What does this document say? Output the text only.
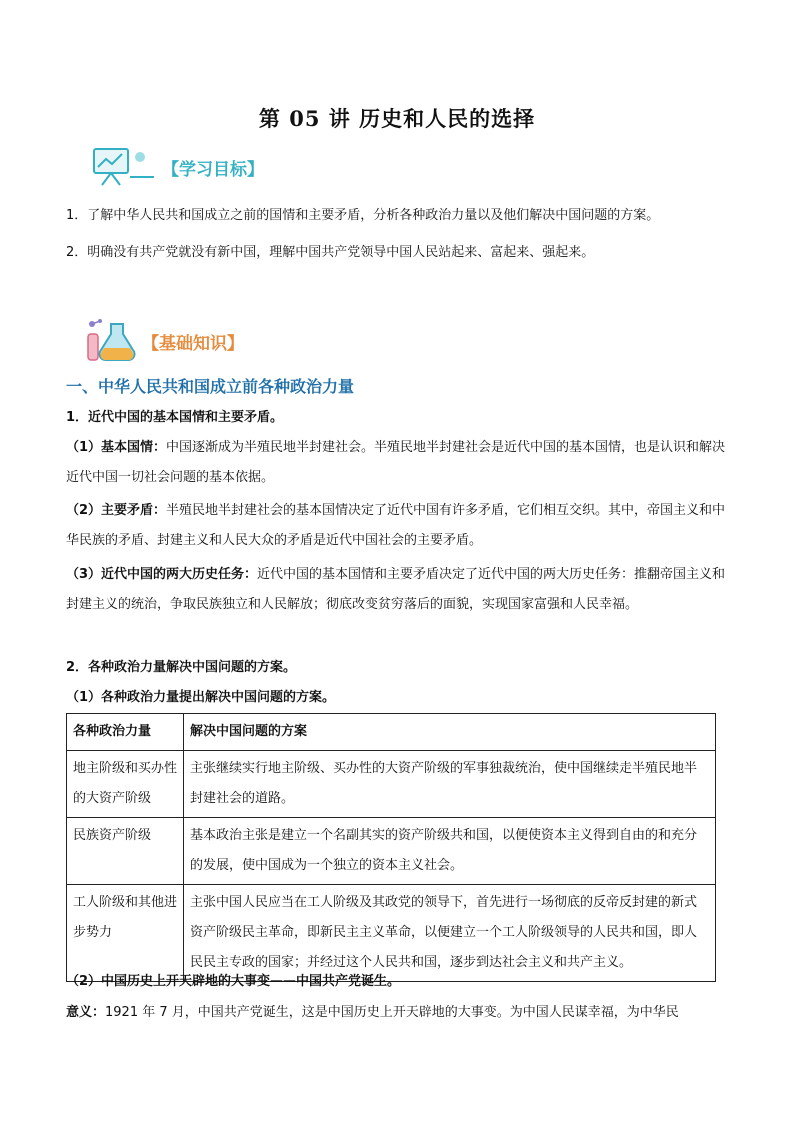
第 05 讲 历史和人民的选择
【学习目标】
1．了解中华人民共和国成立之前的国情和主要矛盾，分析各种政治力量以及他们解决中国问题的方案。
2．明确没有共产党就没有新中国，理解中国共产党领导中国人民站起来、富起来、强起来。
【基础知识】
一、中华人民共和国成立前各种政治力量
1．近代中国的基本国情和主要矛盾。
（1）基本国情：中国逐渐成为半殖民地半封建社会。半殖民地半封建社会是近代中国的基本国情，也是认识和解决近代中国一切社会问题的基本依据。
（2）主要矛盾：半殖民地半封建社会的基本国情决定了近代中国有许多矛盾，它们相互交织。其中，帝国主义和中华民族的矛盾、封建主义和人民大众的矛盾是近代中国社会的主要矛盾。
（3）近代中国的两大历史任务：近代中国的基本国情和主要矛盾决定了近代中国的两大历史任务：推翻帝国主义和封建主义的统治，争取民族独立和人民解放；彻底改变贫穷落后的面貌，实现国家富强和人民幸福。
2．各种政治力量解决中国问题的方案。
（1）各种政治力量提出解决中国问题的方案。
各种政治力量	解决中国问题的方案
地主阶级和买办性的大资产阶级	主张继续实行地主阶级、买办性的大资产阶级的军事独裁统治，使中国继续走半殖民地半封建社会的道路。
民族资产阶级	基本政治主张是建立一个名副其实的资产阶级共和国，以便使资本主义得到自由的和充分的发展，使中国成为一个独立的资本主义社会。
工人阶级和其他进步势力	主张中国人民应当在工人阶级及其政党的领导下，首先进行一场彻底的反帝反封建的新式资产阶级民主革命，即新民主主义革命，以便建立一个工人阶级领导的人民共和国，即人民民主专政的国家；并经过这个人民共和国，逐步到达社会主义和共产主义。
（2）中国历史上开天辟地的大事变——中国共产党诞生。
意义：1921 年 7 月，中国共产党诞生，这是中国历史上开天辟地的大事变。为中国人民谋幸福，为中华民
